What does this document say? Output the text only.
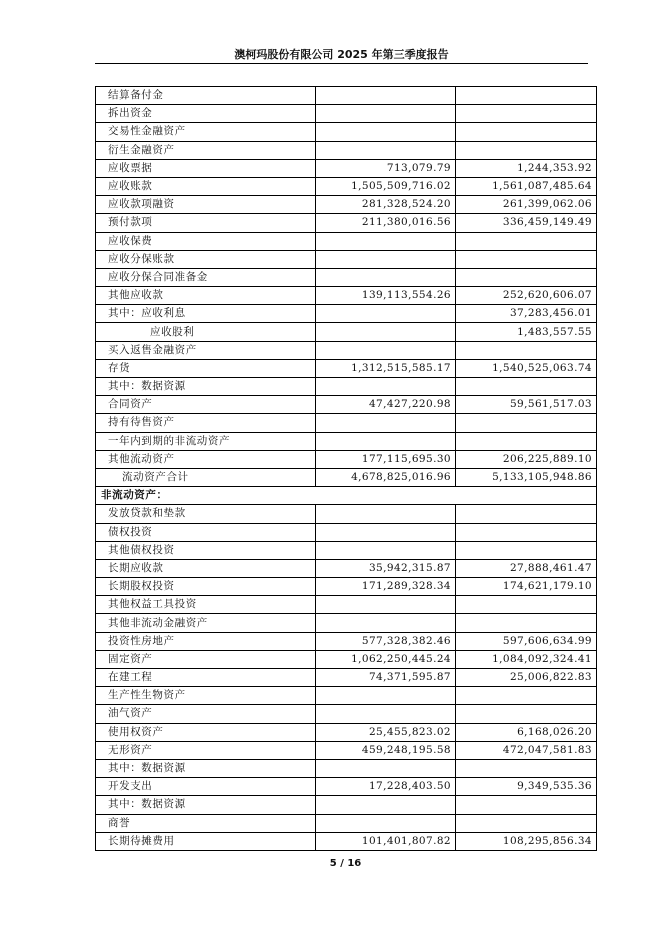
澳柯玛股份有限公司 2025 年第三季度报告
结算备付金		
拆出资金		
交易性金融资产		
衍生金融资产		
应收票据	713,079.79	1,244,353.92
应收账款	1,505,509,716.02	1,561,087,485.64
应收款项融资	281,328,524.20	261,399,062.06
预付款项	211,380,016.56	336,459,149.49
应收保费		
应收分保账款		
应收分保合同准备金		
其他应收款	139,113,554.26	252,620,606.07
其中：应收利息		37,283,456.01
应收股利		1,483,557.55
买入返售金融资产		
存货	1,312,515,585.17	1,540,525,063.74
其中：数据资源		
合同资产	47,427,220.98	59,561,517.03
持有待售资产		
一年内到期的非流动资产		
其他流动资产	177,115,695.30	206,225,889.10
流动资产合计	4,678,825,016.96	5,133,105,948.86
非流动资产：		
发放贷款和垫款		
债权投资		
其他债权投资		
长期应收款	35,942,315.87	27,888,461.47
长期股权投资	171,289,328.34	174,621,179.10
其他权益工具投资		
其他非流动金融资产		
投资性房地产	577,328,382.46	597,606,634.99
固定资产	1,062,250,445.24	1,084,092,324.41
在建工程	74,371,595.87	25,006,822.83
生产性生物资产		
油气资产		
使用权资产	25,455,823.02	6,168,026.20
无形资产	459,248,195.58	472,047,581.83
其中：数据资源		
开发支出	17,228,403.50	9,349,535.36
其中：数据资源		
商誉		
长期待摊费用	101,401,807.82	108,295,856.34
5 / 16
